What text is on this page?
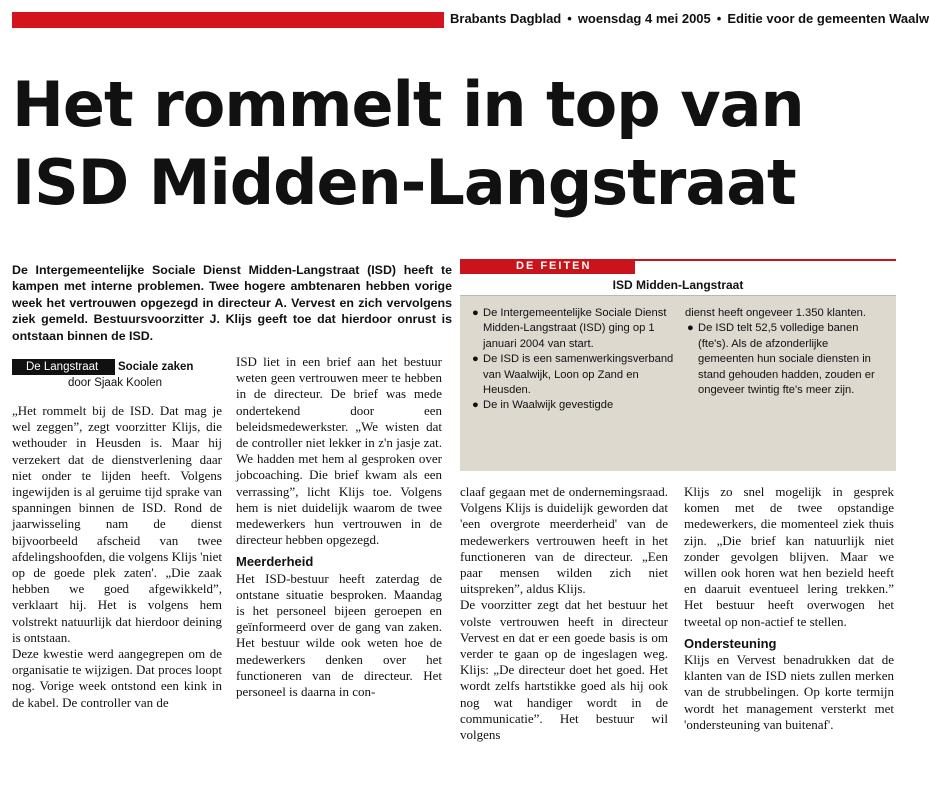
Brabants Dagblad • woensdag 4 mei 2005 • Editie voor de gemeenten Waalw
Het rommelt in top van
ISD Midden-Langstraat
De Intergemeentelijke Sociale Dienst Midden-Langstraat (ISD) heeft te kampen met interne problemen. Twee hogere ambtenaren hebben vorige week het vertrouwen opgezegd in directeur A. Vervest en zich vervolgens ziek gemeld. Bestuursvoorzitter J. Klijs geeft toe dat hierdoor onrust is ontstaan binnen de ISD.
De Langstraat	Sociale zaken
door Sjaak Koolen

„Het rommelt bij de ISD. Dat mag je wel zeggen”, zegt voorzitter Klijs, die wethouder in Heusden is. Maar hij verzekert dat de dienstverlening daar niet onder te lijden heeft. Volgens ingewijden is al geruime tijd sprake van spanningen binnen de ISD. Rond de jaarwisseling nam de dienst bijvoorbeeld afscheid van twee afdelingshoofden, die volgens Klijs 'niet op de goede plek zaten'. „Die zaak hebben we goed afgewikkeld”, verklaart hij. Het is volgens hem volstrekt natuurlijk dat hierdoor deining is ontstaan.

Deze kwestie werd aangegrepen om de organisatie te wijzigen. Dat proces loopt nog. Vorige week ontstond een kink in de kabel. De controller van de

ISD liet in een brief aan het bestuur weten geen vertrouwen meer te hebben in de directeur. De brief was mede ondertekend door een beleidsmedewerkster. „We wisten dat de controller niet lekker in z'n jasje zat. We hadden met hem al gesproken over jobcoaching. Die brief kwam als een verrassing”, licht Klijs toe. Volgens hem is niet duidelijk waarom de twee medewerkers hun vertrouwen in de directeur hebben opgezegd.

Meerderheid

Het ISD-bestuur heeft zaterdag de ontstane situatie besproken. Maandag is het personeel bijeen geroepen en geïnformeerd over de gang van zaken. Het bestuur wilde ook weten hoe de medewerkers denken over het functioneren van de directeur. Het personeel is daarna in con-

DE FEITEN
ISD Midden-Langstraat
● De Intergemeentelijke Sociale Dienst Midden-Langstraat (ISD) ging op 1 januari 2004 van start.
● De ISD is een samenwerkingsverband van Waalwijk, Loon op Zand en Heusden.
● De in Waalwijk gevestigde
dienst heeft ongeveer 1.350 klanten.
● De ISD telt 52,5 volledige banen (fte's). Als de afzonderlijke gemeenten hun sociale diensten in stand gehouden hadden, zouden er ongeveer twintig fte's meer zijn.

claaf gegaan met de ondernemingsraad. Volgens Klijs is duidelijk geworden dat 'een overgrote meerderheid' van de medewerkers vertrouwen heeft in het functioneren van de directeur. „Een paar mensen wilden zich niet uitspreken”, aldus Klijs.

De voorzitter zegt dat het bestuur het volste vertrouwen heeft in directeur Vervest en dat er een goede basis is om verder te gaan op de ingeslagen weg. Klijs: „De directeur doet het goed. Het wordt zelfs hartstikke goed als hij ook nog wat handiger wordt in de communicatie”. Het bestuur wil volgens

Klijs zo snel mogelijk in gesprek komen met de twee opstandige medewerkers, die momenteel ziek thuis zijn. „Die brief kan natuurlijk niet zonder gevolgen blijven. Maar we willen ook horen wat hen bezield heeft en daaruit eventueel lering trekken.” Het bestuur heeft overwogen het tweetal op non-actief te stellen.

Ondersteuning

Klijs en Vervest benadrukken dat de klanten van de ISD niets zullen merken van de strubbelingen. Op korte termijn wordt het management versterkt met 'ondersteuning van buitenaf'.
